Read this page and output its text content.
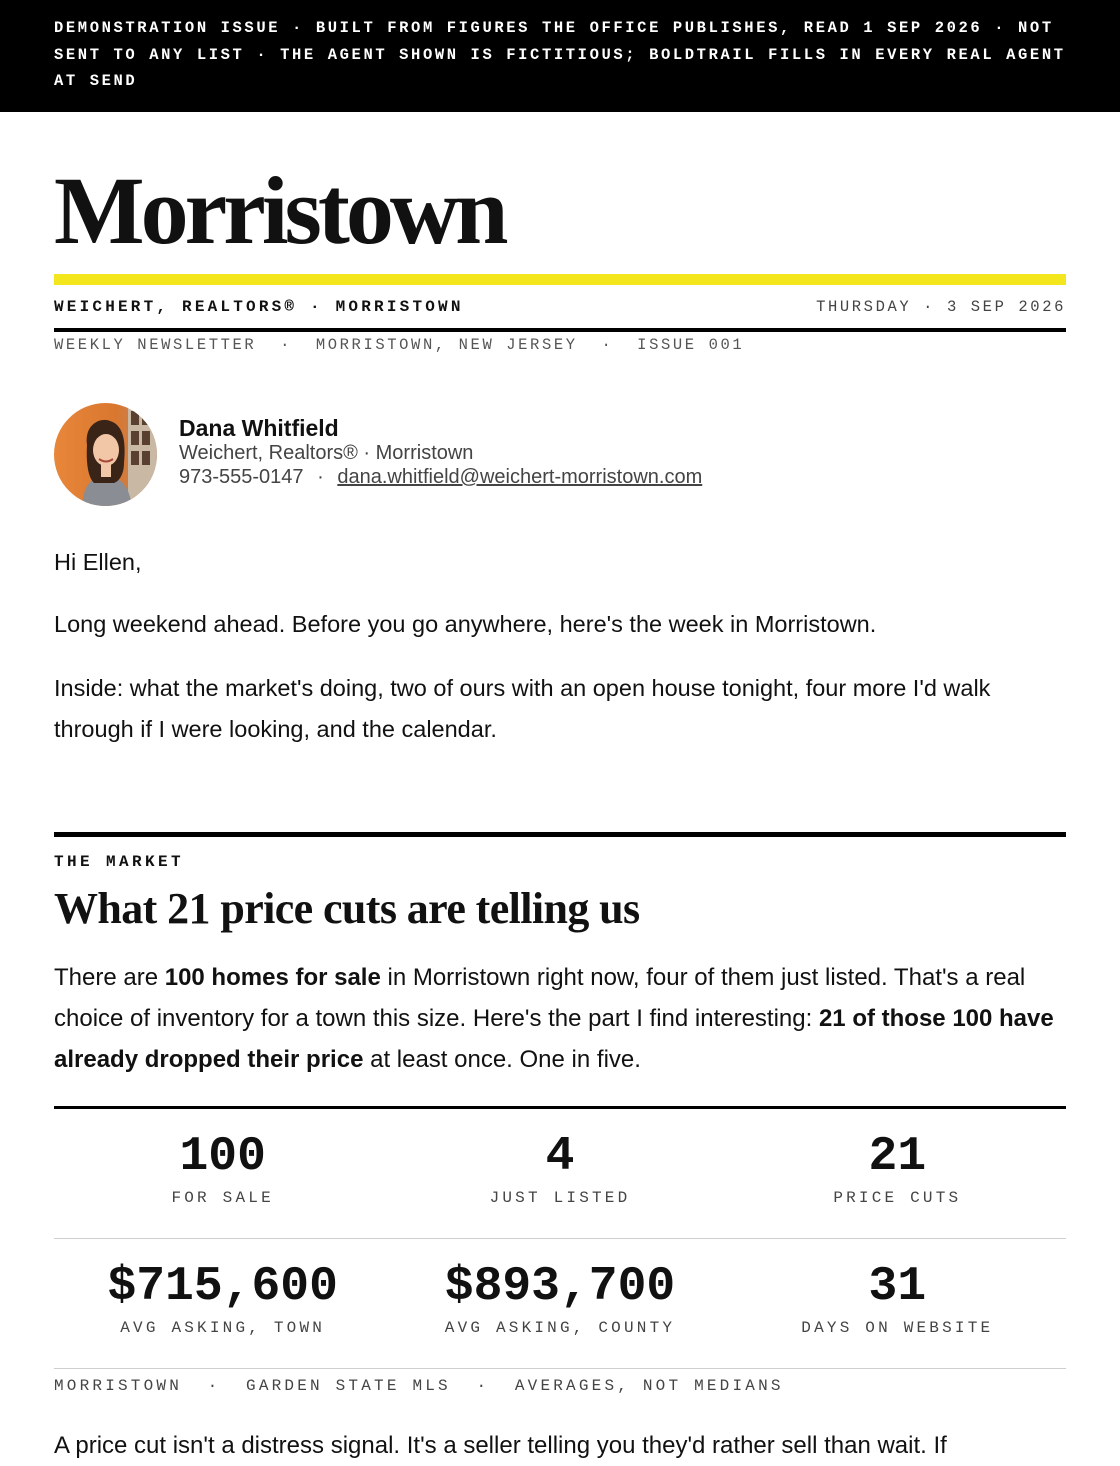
DEMONSTRATION ISSUE · BUILT FROM FIGURES THE OFFICE PUBLISHES, READ 1 SEP 2026 · NOT SENT TO ANY LIST · THE AGENT SHOWN IS FICTITIOUS; BOLDTRAIL FILLS IN EVERY REAL AGENT AT SEND
Morristown
WEICHERT, REALTORS® · MORRISTOWN	THURSDAY · 3 SEP 2026
WEEKLY NEWSLETTER  ·  MORRISTOWN, NEW JERSEY  ·  ISSUE 001
Dana Whitfield
Weichert, Realtors® · Morristown
973-555-0147 · dana.whitfield@weichert-morristown.com

Hi Ellen,

Long weekend ahead. Before you go anywhere, here's the week in Morristown.

Inside: what the market's doing, two of ours with an open house tonight, four more I'd walk through if I were looking, and the calendar.

THE MARKET
What 21 price cuts are telling us

There are 100 homes for sale in Morristown right now, four of them just listed. That's a real choice of inventory for a town this size. Here's the part I find interesting: 21 of those 100 have already dropped their price at least once. One in five.

100
FOR SALE
4
JUST LISTED
21
PRICE CUTS
$715,600
AVG ASKING, TOWN
$893,700
AVG ASKING, COUNTY
31
DAYS ON WEBSITE
MORRISTOWN  ·  GARDEN STATE MLS  ·  AVERAGES, NOT MEDIANS
A price cut isn't a distress signal. It's a seller telling you they'd rather sell than wait. If
